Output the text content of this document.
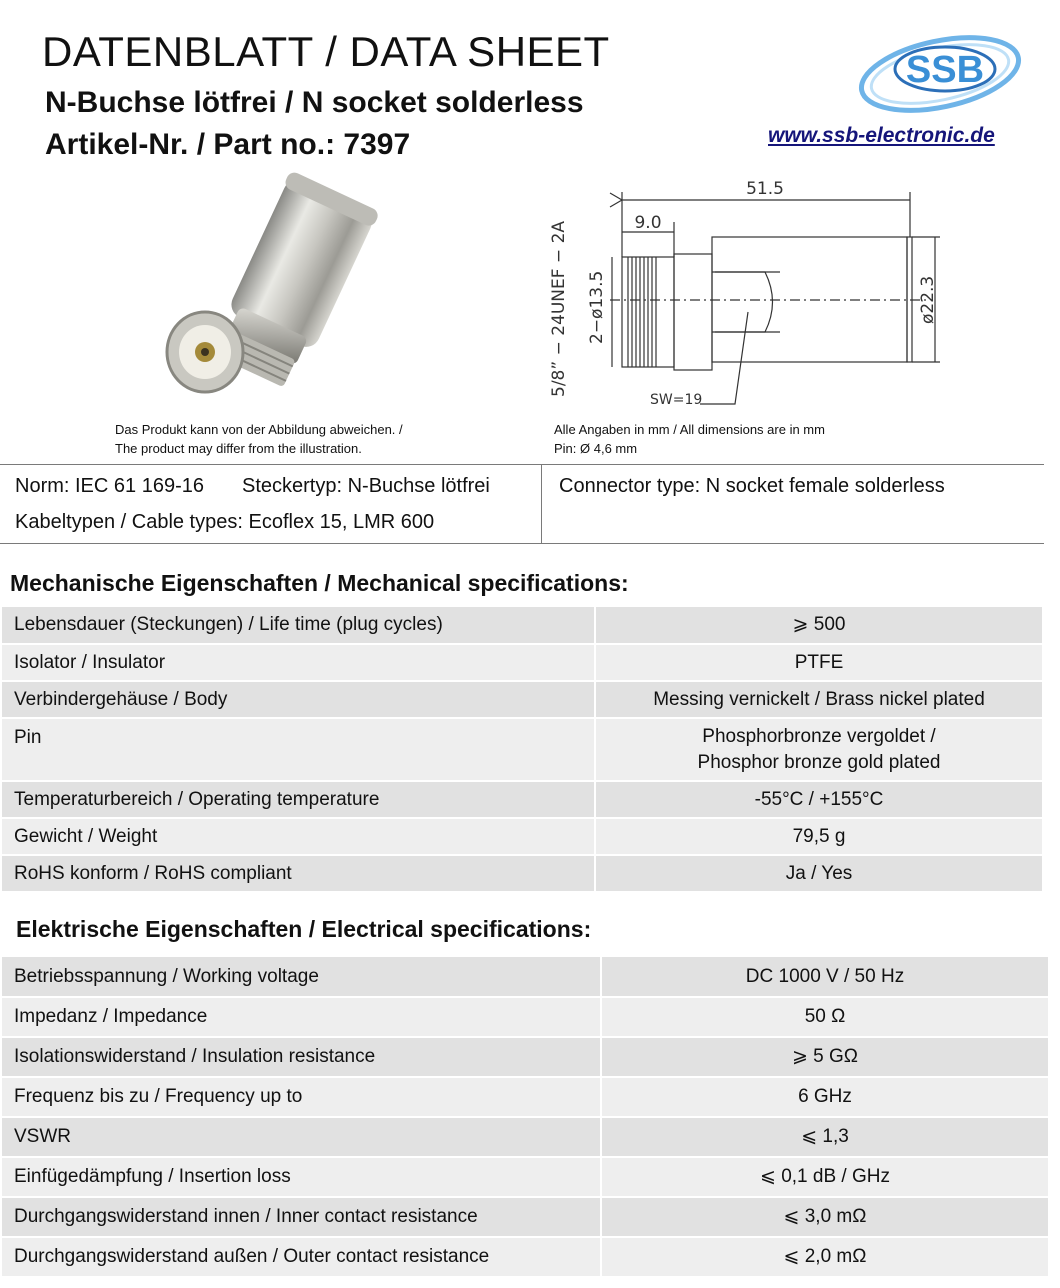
DATENBLATT / DATA SHEET
N-Buchse lötfrei / N socket solderless
Artikel-Nr. / Part no.: 7397
SSB
www.ssb-electronic.de
Das Produkt kann von der Abbildung abweichen. /
The product may differ from the illustration.
51.5
9.0
SW=19
5/8” − 24UNEF − 2A 2−ø13.5	ø22.3
Alle Angaben in mm / All dimensions are in mm
Pin: Ø 4,6 mm
Norm: IEC 61 169-16 Steckertyp: N-Buchse lötfrei	Connector type: N socket female solderless
Kabeltypen / Cable types: Ecoflex 15, LMR 600
Mechanische Eigenschaften / Mechanical specifications:
Lebensdauer (Steckungen) / Life time (plug cycles)	⩾ 500
Isolator / Insulator	PTFE
Verbindergehäuse / Body	Messing vernickelt / Brass nickel plated
Pin	Phosphorbronze vergoldet /
Phosphor bronze gold plated

Temperaturbereich / Operating temperature	-55°C / +155°C
Gewicht / Weight	79,5 g
RoHS konform / RoHS compliant	Ja / Yes
Elektrische Eigenschaften / Electrical specifications:
Betriebsspannung / Working voltage	DC 1000 V / 50 Hz
Impedanz / Impedance	50 Ω
Isolationswiderstand / Insulation resistance	⩾ 5 GΩ
Frequenz bis zu / Frequency up to	6 GHz
VSWR	⩽ 1,3
Einfügedämpfung / Insertion loss	⩽ 0,1 dB / GHz
Durchgangswiderstand innen / Inner contact resistance	⩽ 3,0 mΩ
Durchgangswiderstand außen / Outer contact resistance	⩽ 2,0 mΩ
